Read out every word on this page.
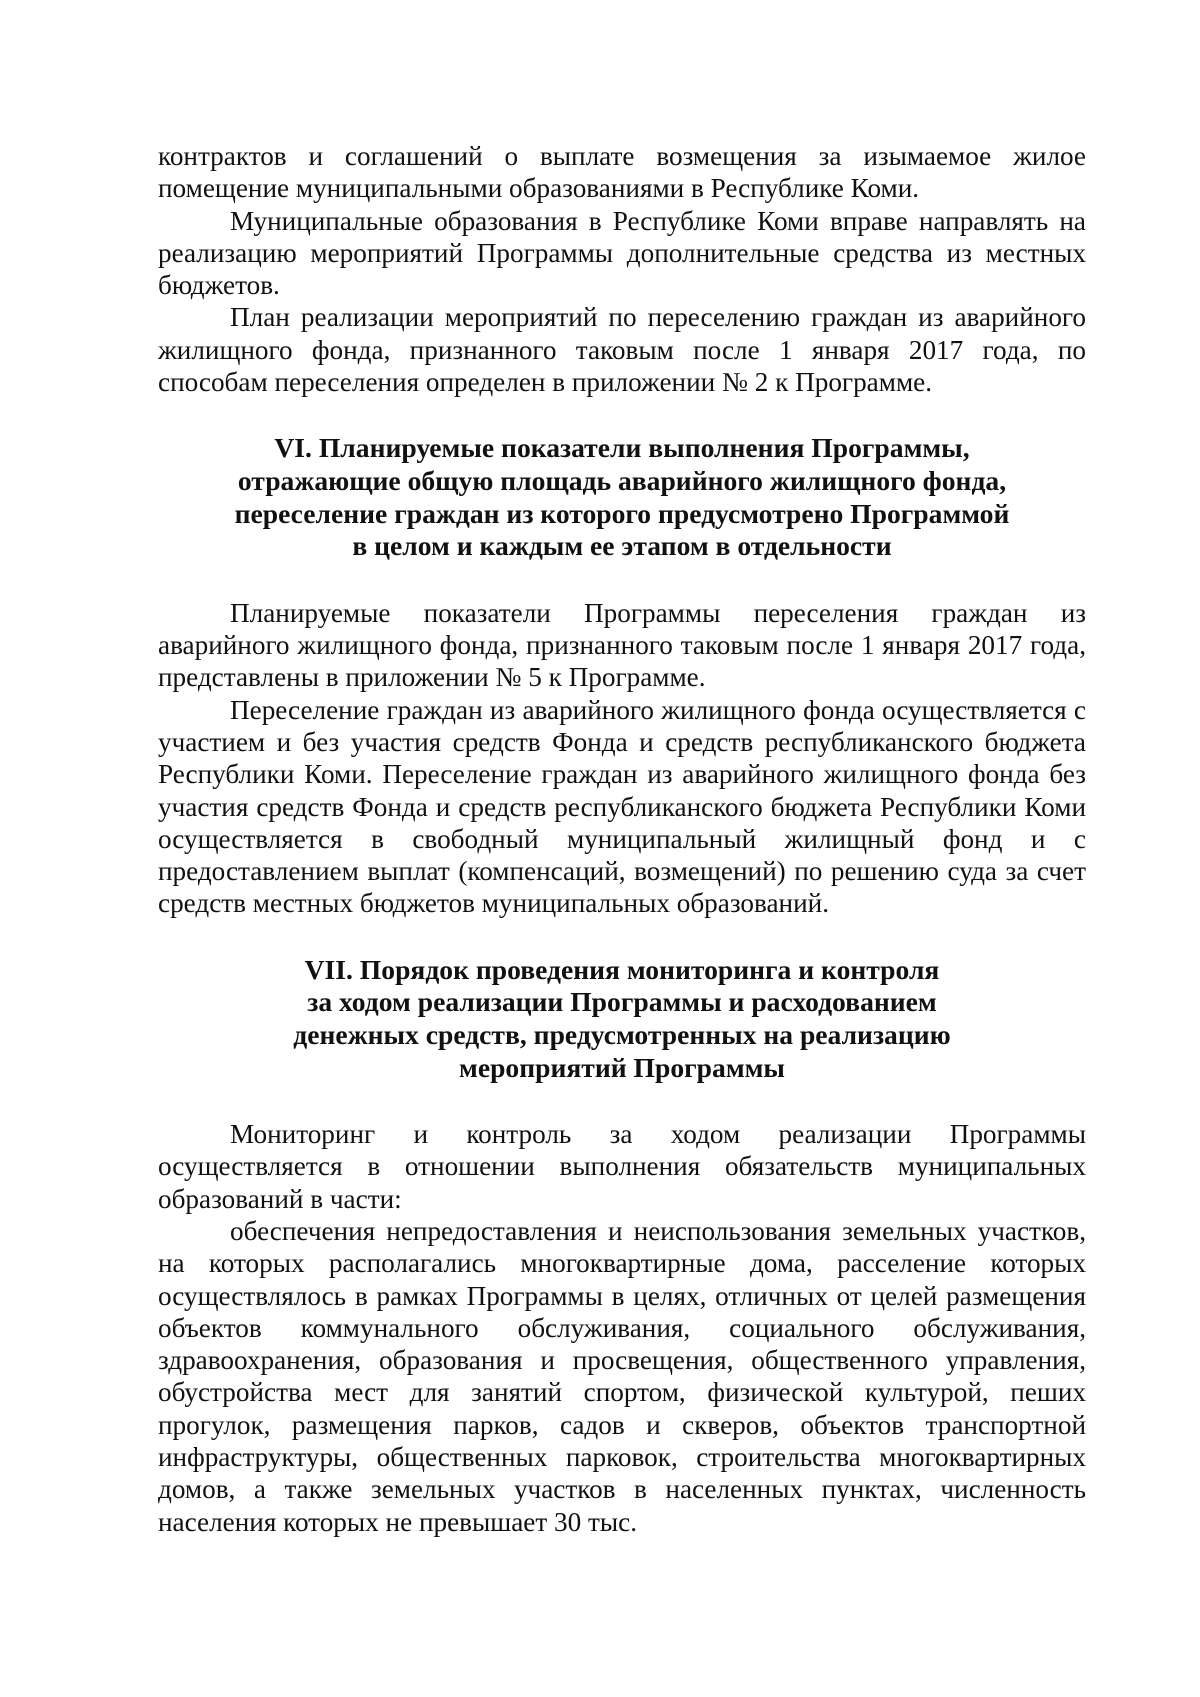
контрактов и соглашений о выплате возмещения за изымаемое жилое помещение муниципальными образованиями в Республике Коми.

Муниципальные образования в Республике Коми вправе направлять на реализацию мероприятий Программы дополнительные средства из местных бюджетов.

План реализации мероприятий по переселению граждан из аварийного жилищного фонда, признанного таковым после 1 января 2017 года, по способам переселения определен в приложении № 2 к Программе.

VI. Планируемые показатели выполнения Программы,
отражающие общую площадь аварийного жилищного фонда,
переселение граждан из которого предусмотрено Программой
в целом и каждым ее этапом в отдельности

Планируемые показатели Программы переселения граждан из аварийного жилищного фонда, признанного таковым после 1 января 2017 года, представлены в приложении № 5 к Программе.

Переселение граждан из аварийного жилищного фонда осуществляется с участием и без участия средств Фонда и средств республиканского бюджета Республики Коми. Переселение граждан из аварийного жилищного фонда без участия средств Фонда и средств республиканского бюджета Республики Коми осуществляется в свободный муниципальный жилищный фонд и с предоставлением выплат (компенсаций, возмещений) по решению суда за счет средств местных бюджетов муниципальных образований.

VII. Порядок проведения мониторинга и контроля
за ходом реализации Программы и расходованием
денежных средств, предусмотренных на реализацию
мероприятий Программы

Мониторинг и контроль за ходом реализации Программы осуществляется в отношении выполнения обязательств муниципальных образований в части:

обеспечения непредоставления и неиспользования земельных участков, на которых располагались многоквартирные дома, расселение которых осуществлялось в рамках Программы в целях, отличных от целей размещения объектов коммунального обслуживания, социального обслуживания, здравоохранения, образования и просвещения, общественного управления, обустройства мест для занятий спортом, физической культурой, пеших прогулок, размещения парков, садов и скверов, объектов транспортной инфраструктуры, общественных парковок, строительства многоквартирных домов, а также земельных участков в населенных пунктах, численность населения которых не превышает 30 тыс.
